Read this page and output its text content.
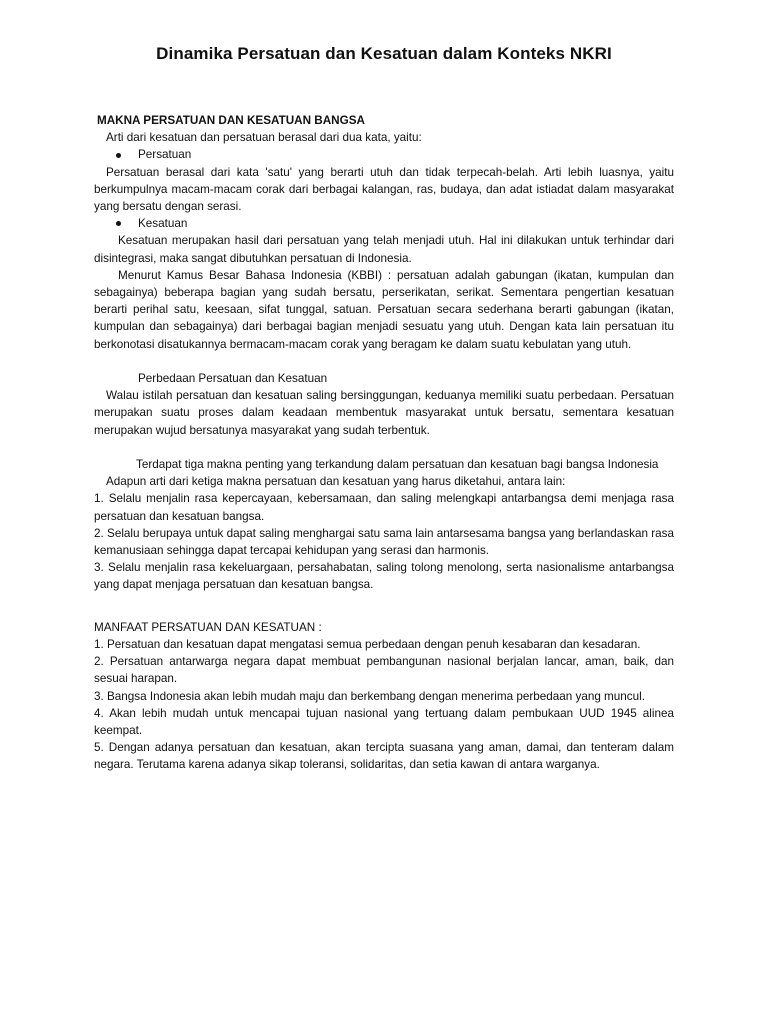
Dinamika Persatuan dan Kesatuan dalam Konteks NKRI

MAKNA PERSATUAN DAN KESATUAN BANGSA

Arti dari kesatuan dan persatuan berasal dari dua kata, yaitu:

Persatuan

Persatuan berasal dari kata 'satu' yang berarti utuh dan tidak terpecah-belah. Arti lebih luasnya, yaitu berkumpulnya macam-macam corak dari berbagai kalangan, ras, budaya, dan adat istiadat dalam masyarakat yang bersatu dengan serasi.

Kesatuan

Kesatuan merupakan hasil dari persatuan yang telah menjadi utuh. Hal ini dilakukan untuk terhindar dari disintegrasi, maka sangat dibutuhkan persatuan di Indonesia.

Menurut Kamus Besar Bahasa Indonesia (KBBI) : persatuan adalah gabungan (ikatan, kumpulan dan sebagainya) beberapa bagian yang sudah bersatu, perserikatan, serikat. Sementara pengertian kesatuan berarti perihal satu, keesaan, sifat tunggal, satuan. Persatuan secara sederhana berarti gabungan (ikatan, kumpulan dan sebagainya) dari berbagai bagian menjadi sesuatu yang utuh. Dengan kata lain persatuan itu berkonotasi disatukannya bermacam-macam corak yang beragam ke dalam suatu kebulatan yang utuh.

Perbedaan Persatuan dan Kesatuan

Walau istilah persatuan dan kesatuan saling bersinggungan, keduanya memiliki suatu perbedaan. Persatuan merupakan suatu proses dalam keadaan membentuk masyarakat untuk bersatu, sementara kesatuan merupakan wujud bersatunya masyarakat yang sudah terbentuk.

Terdapat tiga makna penting yang terkandung dalam persatuan dan kesatuan bagi bangsa Indonesia

Adapun arti dari ketiga makna persatuan dan kesatuan yang harus diketahui, antara lain:

1. Selalu menjalin rasa kepercayaan, kebersamaan, dan saling melengkapi antarbangsa demi menjaga rasa persatuan dan kesatuan bangsa.

2. Selalu berupaya untuk dapat saling menghargai satu sama lain antarsesama bangsa yang berlandaskan rasa kemanusiaan sehingga dapat tercapai kehidupan yang serasi dan harmonis.

3. Selalu menjalin rasa kekeluargaan, persahabatan, saling tolong menolong, serta nasionalisme antarbangsa yang dapat menjaga persatuan dan kesatuan bangsa.

MANFAAT PERSATUAN DAN KESATUAN :

1. Persatuan dan kesatuan dapat mengatasi semua perbedaan dengan penuh kesabaran dan kesadaran.

2. Persatuan antarwarga negara dapat membuat pembangunan nasional berjalan lancar, aman, baik, dan sesuai harapan.

3. Bangsa Indonesia akan lebih mudah maju dan berkembang dengan menerima perbedaan yang muncul.

4. Akan lebih mudah untuk mencapai tujuan nasional yang tertuang dalam pembukaan UUD 1945 alinea keempat.

5. Dengan adanya persatuan dan kesatuan, akan tercipta suasana yang aman, damai, dan tenteram dalam negara. Terutama karena adanya sikap toleransi, solidaritas, dan setia kawan di antara warganya.
